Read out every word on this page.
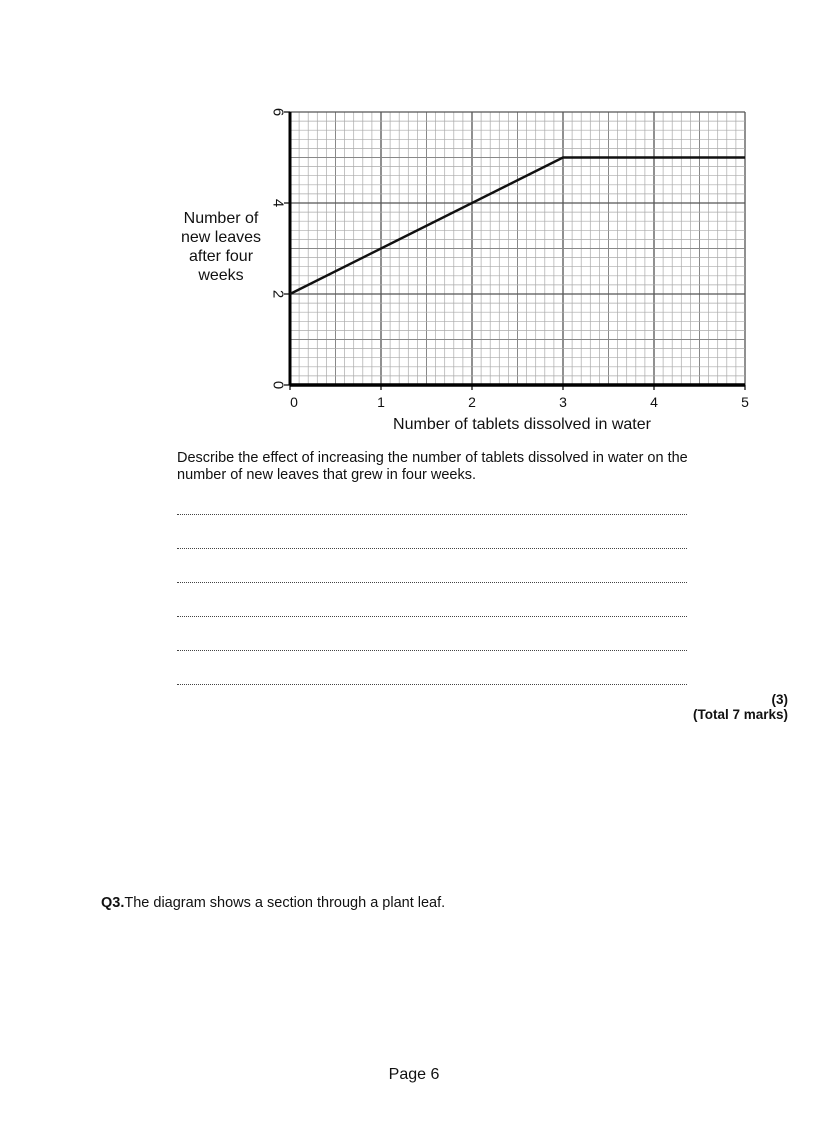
0
2
4
6
0	1	2	3	4	5
Number of new leaves after four weeks
Number of tablets dissolved in water
Describe the effect of increasing the number of tablets dissolved in water on the number of new leaves that grew in four weeks.
(3)
(Total 7 marks)
Q3.The diagram shows a section through a plant leaf.
Page 6
